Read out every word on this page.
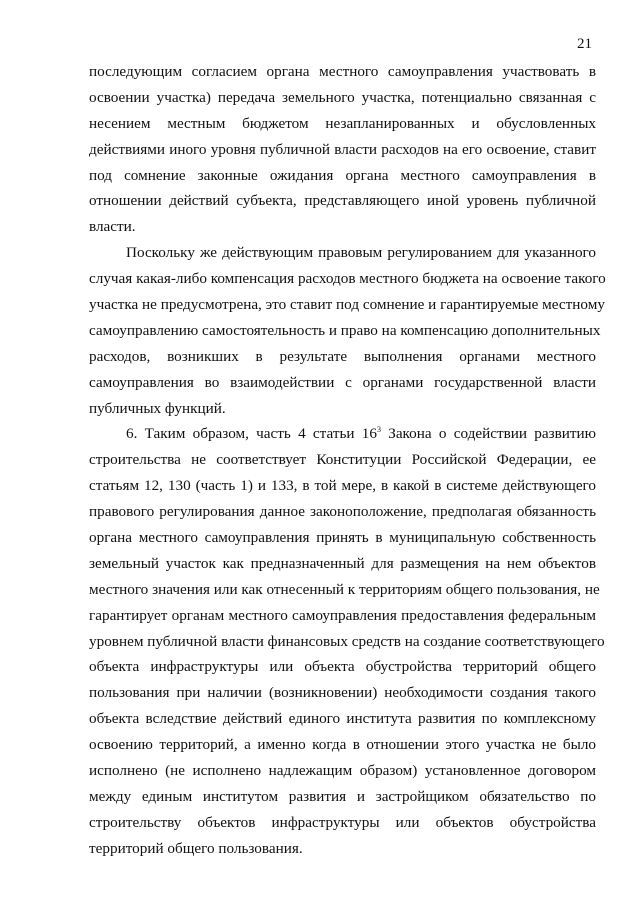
21
последующим согласием органа местного самоуправления участвовать в
освоении участка) передача земельного участка, потенциально связанная с
несением местным бюджетом незапланированных и обусловленных
действиями иного уровня публичной власти расходов на его освоение, ставит
под сомнение законные ожидания органа местного самоуправления в
отношении действий субъекта, представляющего иной уровень публичной
власти.
Поскольку же действующим правовым регулированием для указанного
случая какая-либо компенсация расходов местного бюджета на освоение такого
участка не предусмотрена, это ставит под сомнение и гарантируемые местному
самоуправлению самостоятельность и право на компенсацию дополнительных
расходов, возникших в результате выполнения органами местного
самоуправления во взаимодействии с органами государственной власти
публичных функций.
6. Таким образом, часть 4 статьи $16^3$ Закона о содействии развитию
строительства не соответствует Конституции Российской Федерации, ее
статьям 12, 130 (часть 1) и 133, в той мере, в какой в системе действующего
правового регулирования данное законоположение, предполагая обязанность
органа местного самоуправления принять в муниципальную собственность
земельный участок как предназначенный для размещения на нем объектов
местного значения или как отнесенный к территориям общего пользования, не
гарантирует органам местного самоуправления предоставления федеральным
уровнем публичной власти финансовых средств на создание соответствующего
объекта инфраструктуры или объекта обустройства территорий общего
пользования при наличии (возникновении) необходимости создания такого
объекта вследствие действий единого института развития по комплексному
освоению территорий, а именно когда в отношении этого участка не было
исполнено (не исполнено надлежащим образом) установленное договором
между единым институтом развития и застройщиком обязательство по
строительству объектов инфраструктуры или объектов обустройства
территорий общего пользования.
